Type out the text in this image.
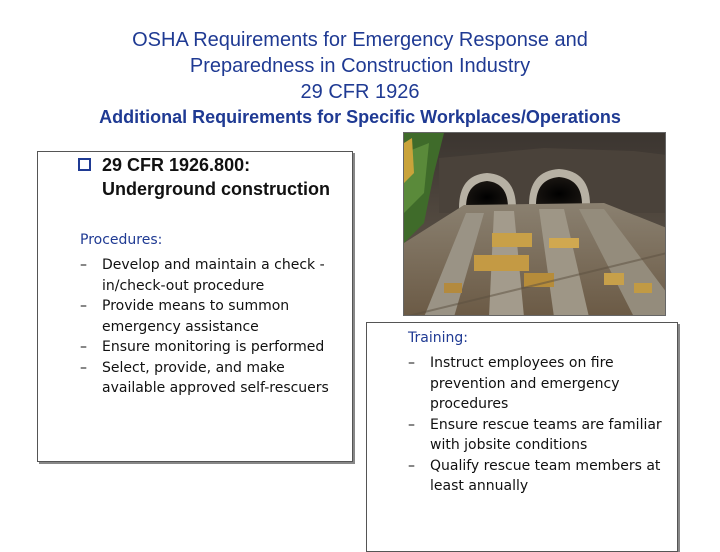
OSHA Requirements for Emergency Response and
Preparedness in Construction Industry
29 CFR 1926
Additional Requirements for Specific Workplaces/Operations
29 CFR 1926.800: Underground construction
Procedures:
– Develop and maintain a check -in/check-out procedure
– Provide means to summon emergency assistance
– Ensure monitoring is performed
– Select, provide, and make available approved self-rescuers
Training:
– Instruct employees on fire prevention and emergency procedures
– Ensure rescue teams are familiar with jobsite conditions
– Qualify rescue team members at least annually
